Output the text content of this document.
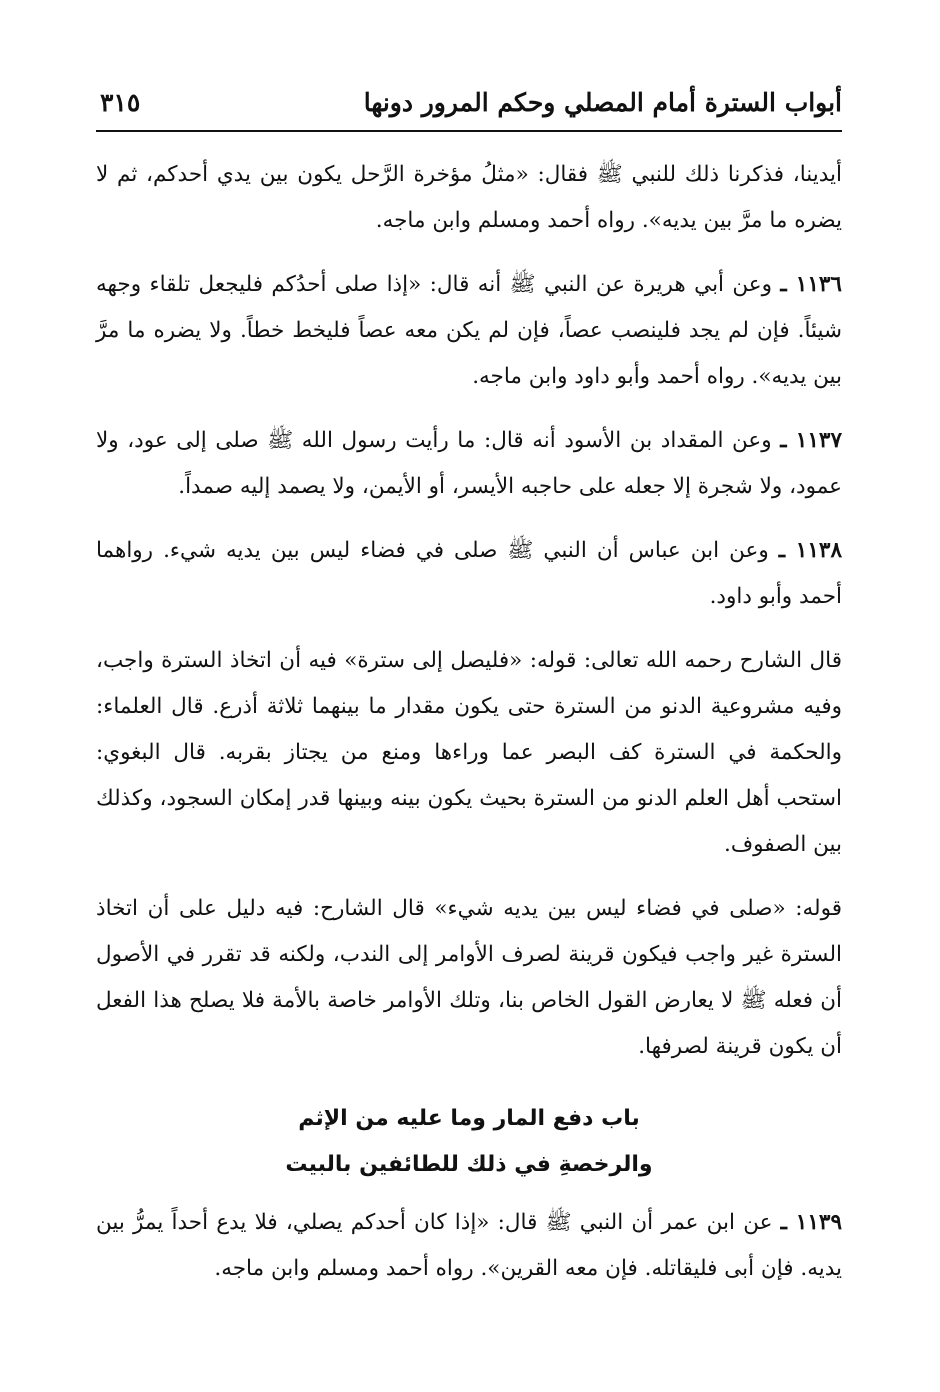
أبواب السترة أمام المصلي وحكم المرور دونها
٣١٥

أيدينا، فذكرنا ذلك للنبي ﷺ فقال: «مثلُ مؤخرة الرَّحل يكون بين يدي أحدكم، ثم لا يضره ما مرَّ بين يديه». رواه أحمد ومسلم وابن ماجه.

١١٣٦ ـ وعن أبي هريرة عن النبي ﷺ أنه قال: «إذا صلى أحدُكم فليجعل تلقاء وجهه شيئاً. فإن لم يجد فلينصب عصاً، فإن لم يكن معه عصاً فليخط خطاً. ولا يضره ما مرَّ بين يديه». رواه أحمد وأبو داود وابن ماجه.

١١٣٧ ـ وعن المقداد بن الأسود أنه قال: ما رأيت رسول الله ﷺ صلى إلى عود، ولا عمود، ولا شجرة إلا جعله على حاجبه الأيسر، أو الأيمن، ولا يصمد إليه صمداً.

١١٣٨ ـ وعن ابن عباس أن النبي ﷺ صلى في فضاء ليس بين يديه شيء. رواهما أحمد وأبو داود.

قال الشارح رحمه الله تعالى: قوله: «فليصل إلى سترة» فيه أن اتخاذ السترة واجب، وفيه مشروعية الدنو من السترة حتى يكون مقدار ما بينهما ثلاثة أذرع. قال العلماء: والحكمة في السترة كف البصر عما وراءها ومنع من يجتاز بقربه. قال البغوي: استحب أهل العلم الدنو من السترة بحيث يكون بينه وبينها قدر إمكان السجود، وكذلك بين الصفوف.

قوله: «صلى في فضاء ليس بين يديه شيء» قال الشارح: فيه دليل على أن اتخاذ السترة غير واجب فيكون قرينة لصرف الأوامر إلى الندب، ولكنه قد تقرر في الأصول أن فعله ﷺ لا يعارض القول الخاص بنا، وتلك الأوامر خاصة بالأمة فلا يصلح هذا الفعل أن يكون قرينة لصرفها.

باب دفع المار وما عليه من الإثم
والرخصةِ في ذلك للطائفين بالبيت

١١٣٩ ـ عن ابن عمر أن النبي ﷺ قال: «إذا كان أحدكم يصلي، فلا يدع أحداً يمرُّ بين يديه. فإن أبى فليقاتله. فإن معه القرين». رواه أحمد ومسلم وابن ماجه.
